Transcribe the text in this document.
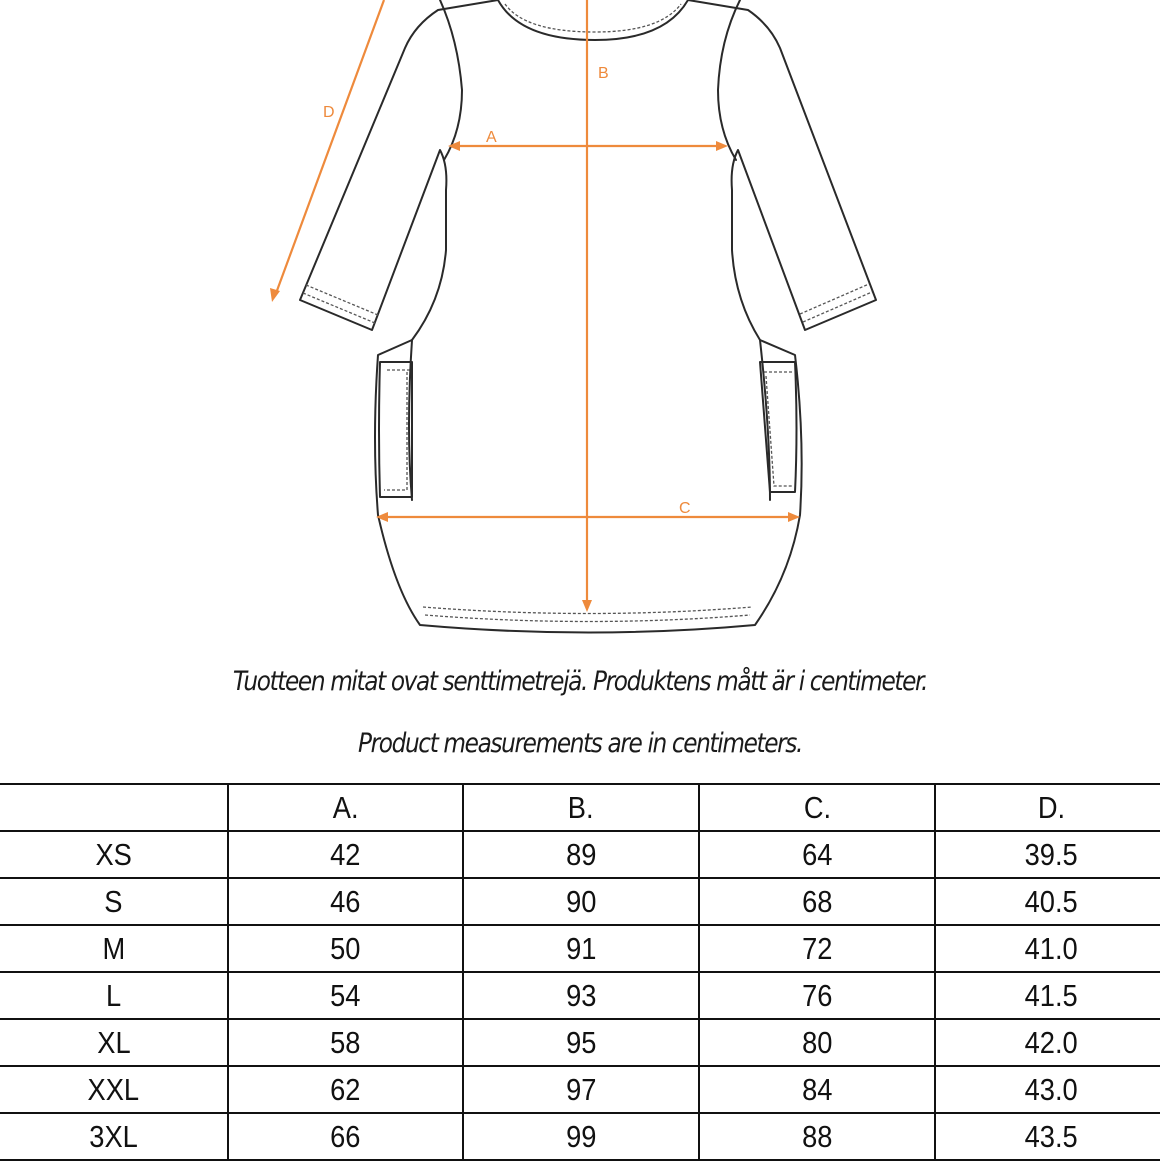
A
B
C
D
Tuotteen mitat ovat senttimetrejä. Produktens mått är i centimeter.
Product measurements are in centimeters.
	A.	B.	C.	D.
XS	42	89	64	39.5
S	46	90	68	40.5
M	50	91	72	41.0
L	54	93	76	41.5
XL	58	95	80	42.0
XXL	62	97	84	43.0
3XL	66	99	88	43.5
